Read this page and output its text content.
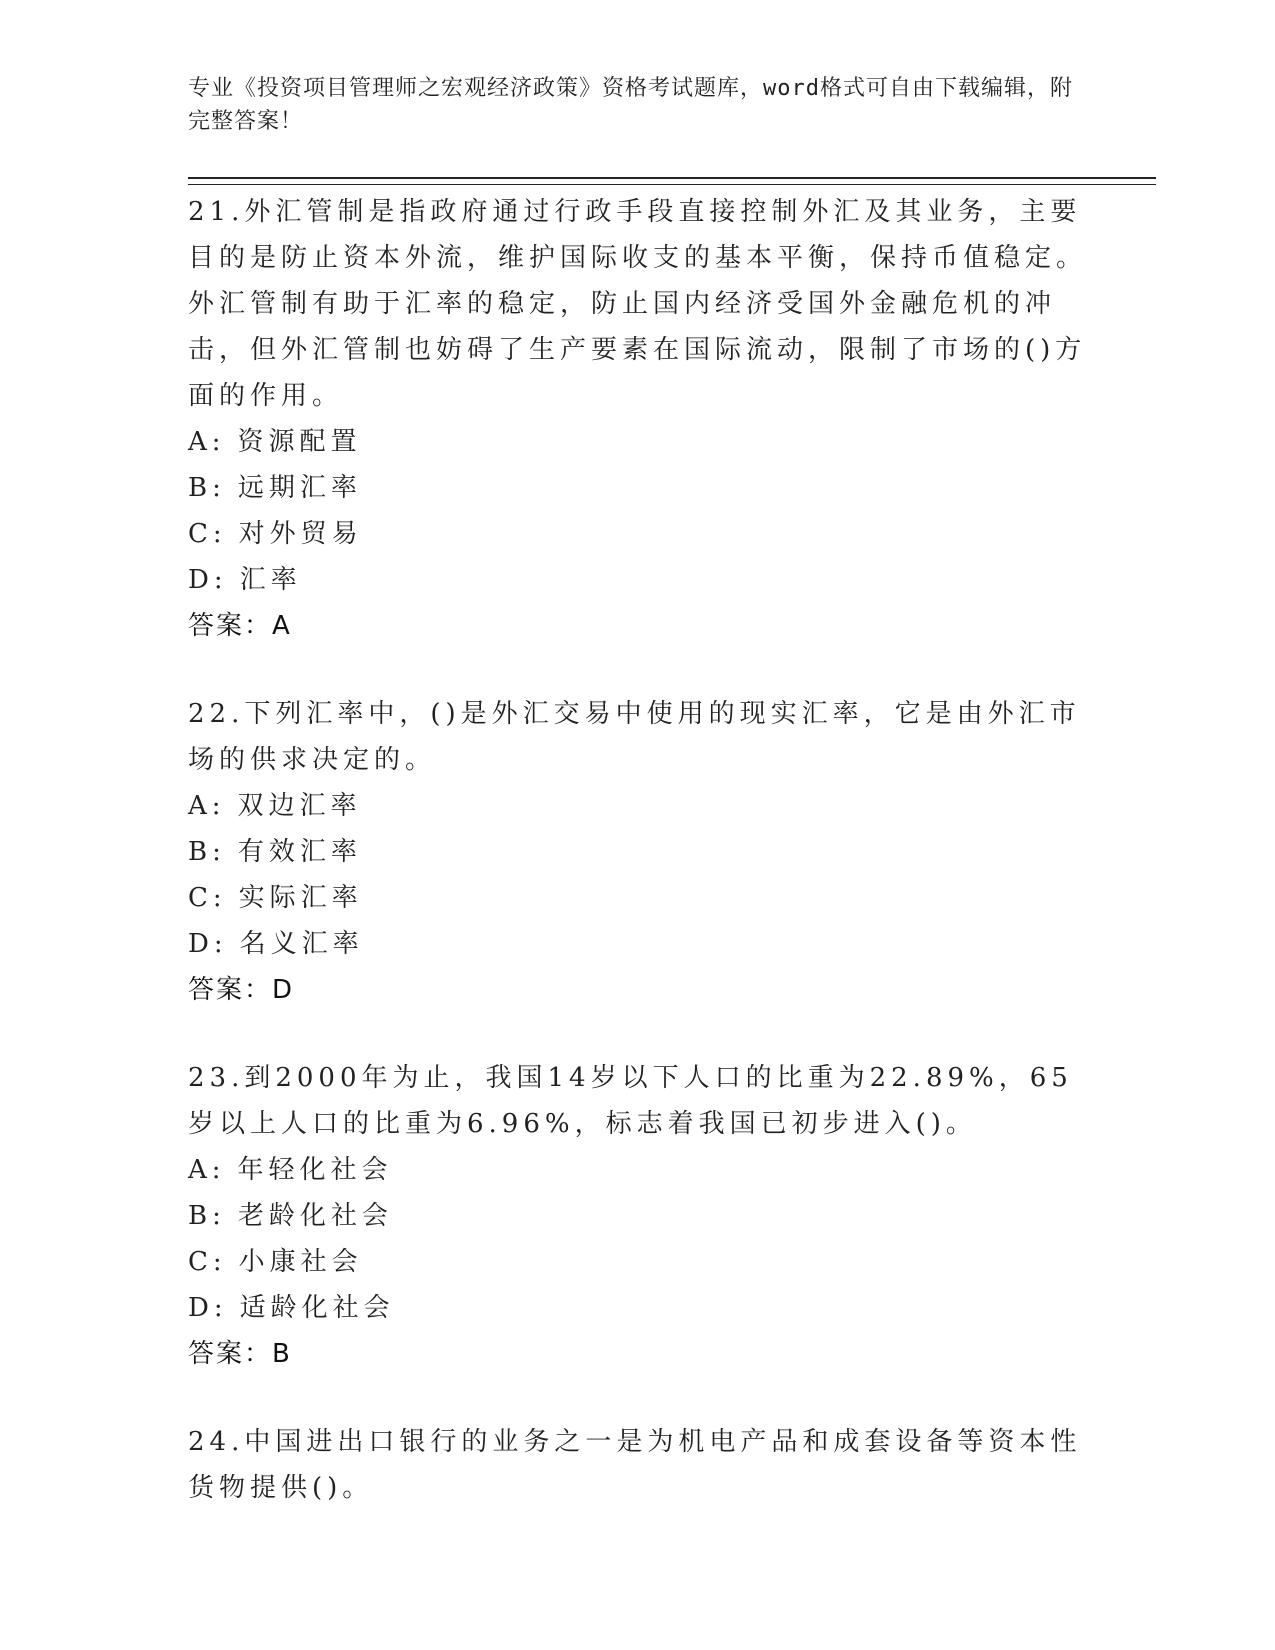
专业《投资项目管理师之宏观经济政策》资格考试题库，word格式可自由下载编辑，附完整答案！
21.外汇管制是指政府通过行政手段直接控制外汇及其业务，主要目的是防止资本外流，维护国际收支的基本平衡，保持币值稳定。外汇管制有助于汇率的稳定，防止国内经济受国外金融危机的冲击，但外汇管制也妨碍了生产要素在国际流动，限制了市场的()方面的作用。
A: 资源配置
B: 远期汇率
C: 对外贸易
D: 汇率
答案：A
22.下列汇率中，()是外汇交易中使用的现实汇率，它是由外汇市场的供求决定的。
A: 双边汇率
B: 有效汇率
C: 实际汇率
D: 名义汇率
答案：D
23.到2000年为止，我国14岁以下人口的比重为22.89%，65岁以上人口的比重为6.96%，标志着我国已初步进入()。
A: 年轻化社会
B: 老龄化社会
C: 小康社会
D: 适龄化社会
答案：B
24.中国进出口银行的业务之一是为机电产品和成套设备等资本性货物提供()。
